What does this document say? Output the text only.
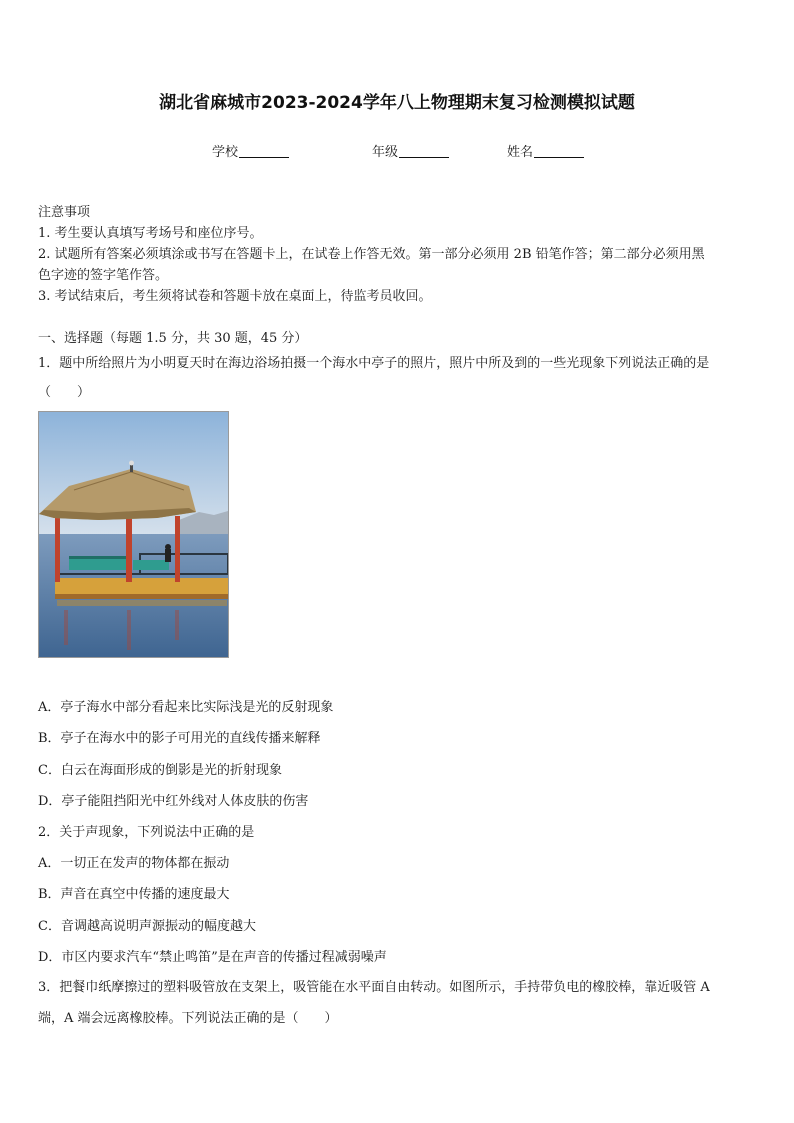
湖北省麻城市2023-2024学年八上物理期末复习检测模拟试题
学校	年级	姓名
注意事项
1. 考生要认真填写考场号和座位序号。
2. 试题所有答案必须填涂或书写在答题卡上，在试卷上作答无效。第一部分必须用 2B 铅笔作答；第二部分必须用黑
色字迹的签字笔作答。
3. 考试结束后，考生须将试卷和答题卡放在桌面上，待监考员收回。
一、选择题（每题 1.5 分，共 30 题，45 分）
1．题中所给照片为小明夏天时在海边浴场拍摄一个海水中亭子的照片，照片中所及到的一些光现象下列说法正确的是
（　　）
A．亭子海水中部分看起来比实际浅是光的反射现象
B．亭子在海水中的影子可用光的直线传播来解释
C．白云在海面形成的倒影是光的折射现象
D．亭子能阻挡阳光中红外线对人体皮肤的伤害
2．关于声现象，下列说法中正确的是
A．一切正在发声的物体都在振动
B．声音在真空中传播的速度最大
C．音调越高说明声源振动的幅度越大
D．市区内要求汽车“禁止鸣笛”是在声音的传播过程减弱噪声
3．把餐巾纸摩擦过的塑料吸管放在支架上，吸管能在水平面自由转动。如图所示，手持带负电的橡胶棒，靠近吸管 A
端，A 端会远离橡胶棒。下列说法正确的是（　　）
